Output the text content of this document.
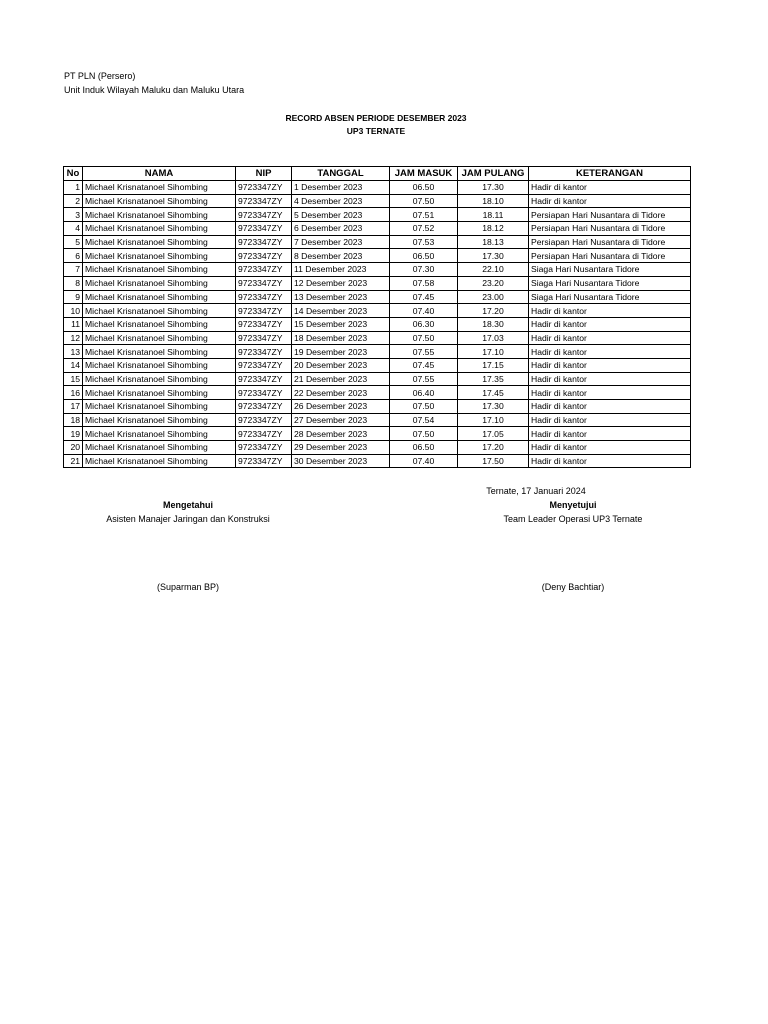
PT PLN (Persero)
Unit Induk Wilayah Maluku dan Maluku Utara
RECORD ABSEN PERIODE DESEMBER 2023
UP3 TERNATE
No	NAMA	NIP	TANGGAL	JAM MASUK	JAM PULANG	KETERANGAN
1	Michael Krisnatanoel Sihombing	9723347ZY	1 Desember 2023	06.50	17.30	Hadir di kantor
2	Michael Krisnatanoel Sihombing	9723347ZY	4 Desember 2023	07.50	18.10	Hadir di kantor
3	Michael Krisnatanoel Sihombing	9723347ZY	5 Desember 2023	07.51	18.11	Persiapan Hari Nusantara di Tidore
4	Michael Krisnatanoel Sihombing	9723347ZY	6 Desember 2023	07.52	18.12	Persiapan Hari Nusantara di Tidore
5	Michael Krisnatanoel Sihombing	9723347ZY	7 Desember 2023	07.53	18.13	Persiapan Hari Nusantara di Tidore
6	Michael Krisnatanoel Sihombing	9723347ZY	8 Desember 2023	06.50	17.30	Persiapan Hari Nusantara di Tidore
7	Michael Krisnatanoel Sihombing	9723347ZY	11 Desember 2023	07.30	22.10	Siaga Hari Nusantara Tidore
8	Michael Krisnatanoel Sihombing	9723347ZY	12 Desember 2023	07.58	23.20	Siaga Hari Nusantara Tidore
9	Michael Krisnatanoel Sihombing	9723347ZY	13 Desember 2023	07.45	23.00	Siaga Hari Nusantara Tidore
10	Michael Krisnatanoel Sihombing	9723347ZY	14 Desember 2023	07.40	17.20	Hadir di kantor
11	Michael Krisnatanoel Sihombing	9723347ZY	15 Desember 2023	06.30	18.30	Hadir di kantor
12	Michael Krisnatanoel Sihombing	9723347ZY	18 Desember 2023	07.50	17.03	Hadir di kantor
13	Michael Krisnatanoel Sihombing	9723347ZY	19 Desember 2023	07.55	17.10	Hadir di kantor
14	Michael Krisnatanoel Sihombing	9723347ZY	20 Desember 2023	07.45	17.15	Hadir di kantor
15	Michael Krisnatanoel Sihombing	9723347ZY	21 Desember 2023	07.55	17.35	Hadir di kantor
16	Michael Krisnatanoel Sihombing	9723347ZY	22 Desember 2023	06.40	17.45	Hadir di kantor
17	Michael Krisnatanoel Sihombing	9723347ZY	26 Desember 2023	07.50	17.30	Hadir di kantor
18	Michael Krisnatanoel Sihombing	9723347ZY	27 Desember 2023	07.54	17.10	Hadir di kantor
19	Michael Krisnatanoel Sihombing	9723347ZY	28 Desember 2023	07.50	17.05	Hadir di kantor
20	Michael Krisnatanoel Sihombing	9723347ZY	29 Desember 2023	06.50	17.20	Hadir di kantor
21	Michael Krisnatanoel Sihombing	9723347ZY	30 Desember 2023	07.40	17.50	Hadir di kantor
Ternate, 17 Januari 2024
Mengetahui
Asisten Manajer Jaringan dan Konstruksi
(Suparman BP)
Menyetujui
Team Leader Operasi UP3 Ternate
(Deny Bachtiar)
